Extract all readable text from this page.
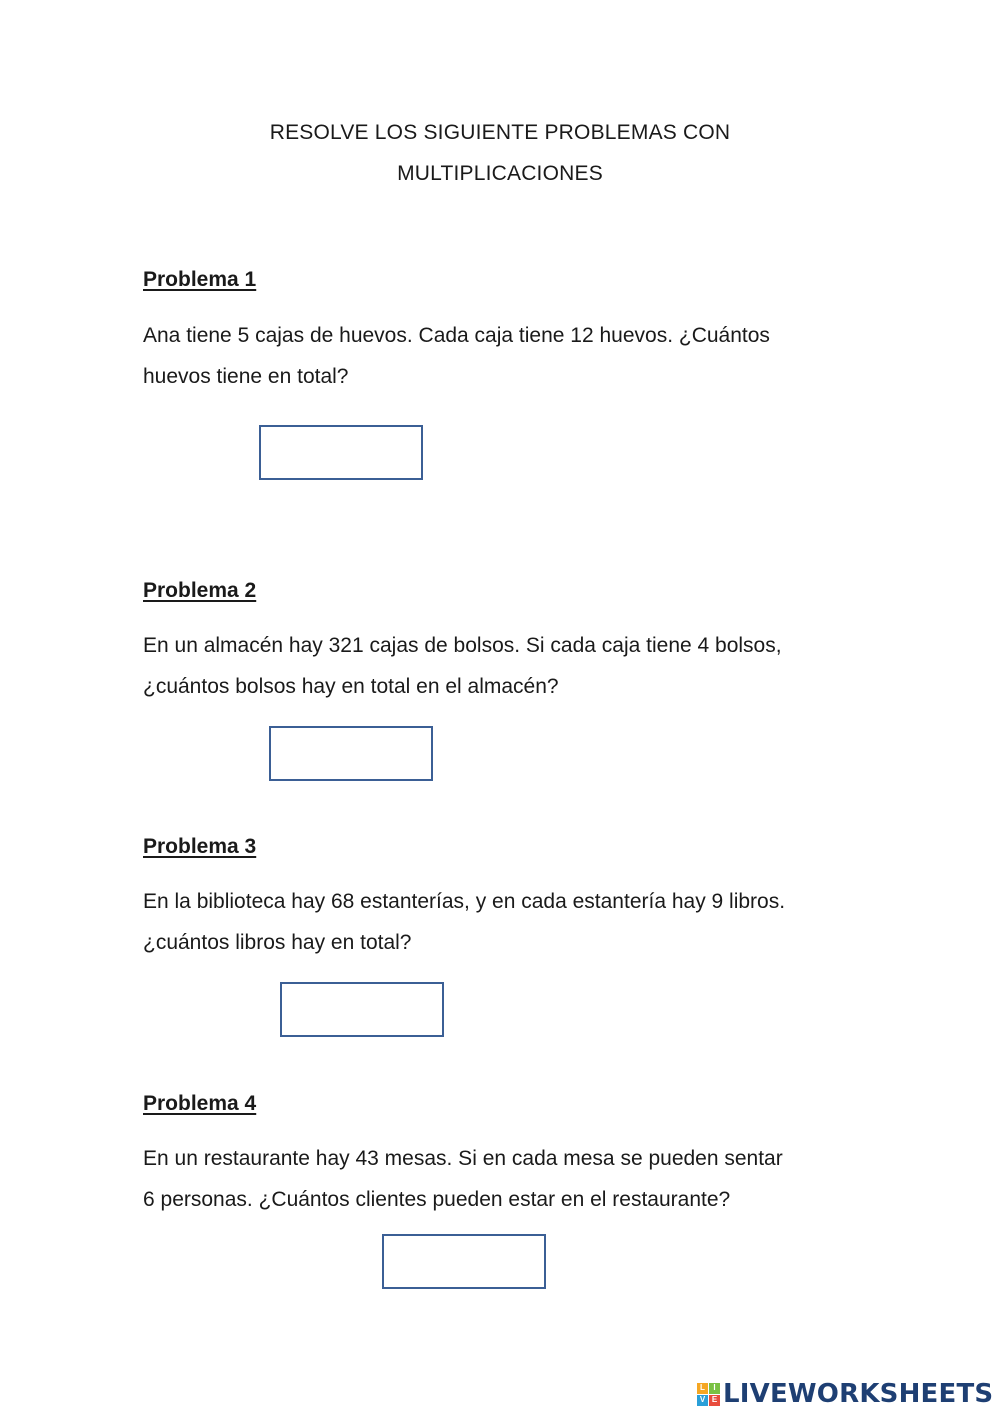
RESOLVE LOS SIGUIENTE PROBLEMAS CON
MULTIPLICACIONES
Problema 1
Ana tiene 5 cajas de huevos. Cada caja tiene 12 huevos. ¿Cuántos
huevos tiene en total?
Problema 2
En un almacén hay 321 cajas de bolsos. Si cada caja tiene 4 bolsos,
¿cuántos bolsos hay en total en el almacén?
Problema 3
En la biblioteca hay 68 estanterías, y en cada estantería hay 9 libros.
¿cuántos libros hay en total?
Problema 4
En un restaurante hay 43 mesas. Si en cada mesa se pueden sentar
6 personas. ¿Cuántos clientes pueden estar en el restaurante?
L	I
V E LIVEWORKSHEETS
